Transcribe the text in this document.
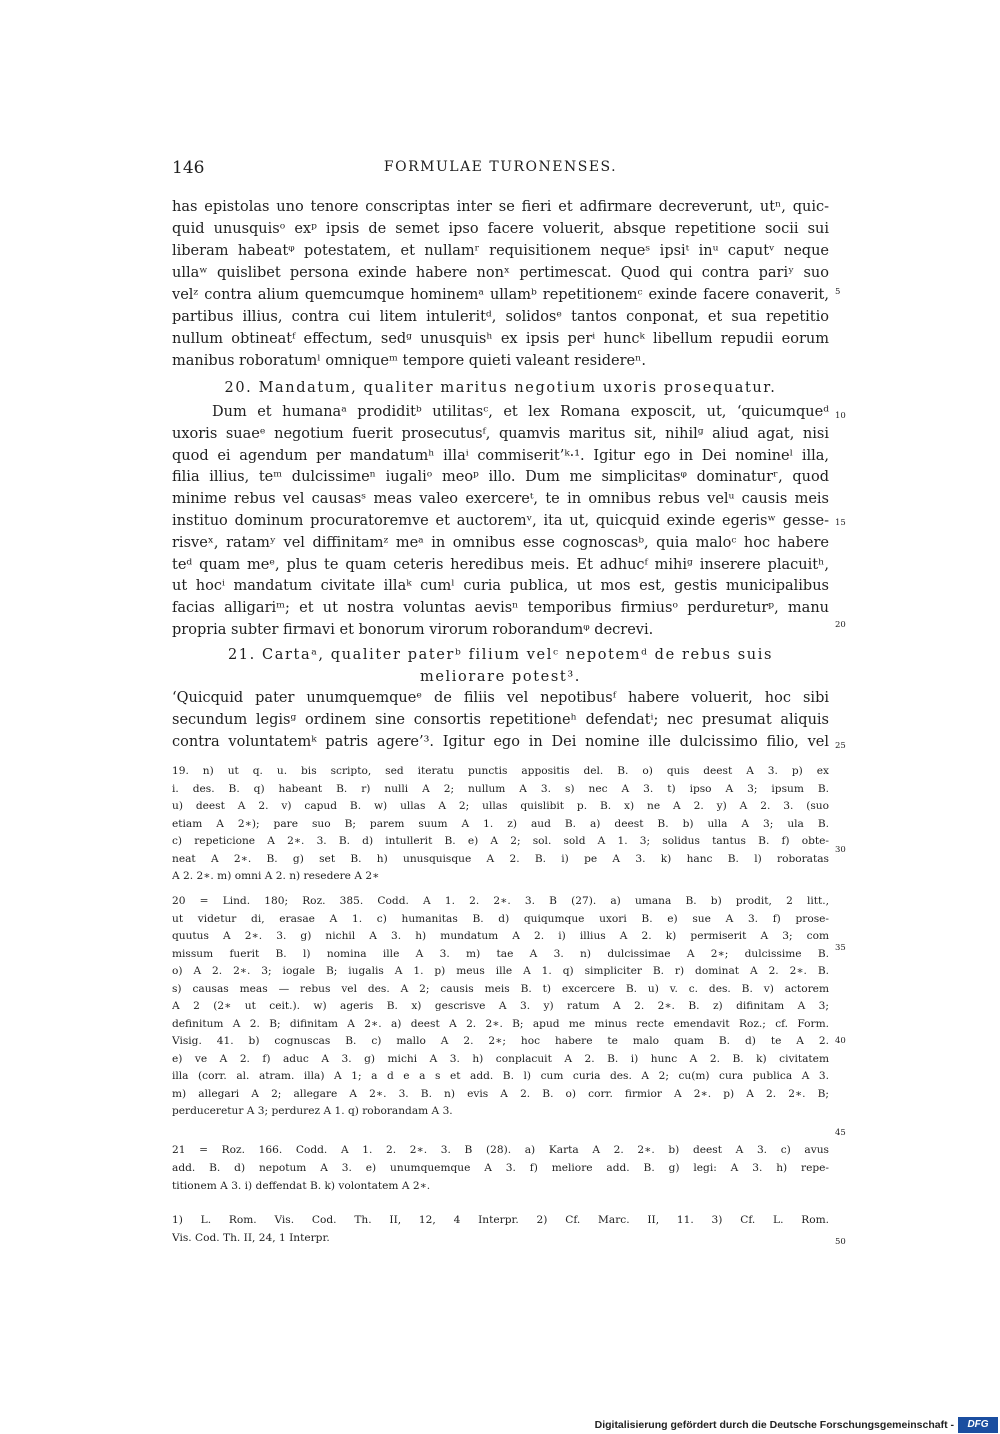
146	FORMULAE TURONENSES.
has epistolas uno tenore conscriptas inter se fieri et adfirmare decreverunt, utⁿ, quic-
quid unusquisᵒ exᵖ ipsis de semet ipso facere voluerit, absque repetitione socii sui
liberam habeatᵠ potestatem, et nullamʳ requisitionem nequeˢ ipsiᵗ inᵘ caputᵛ neque
ullaʷ quislibet persona exinde habere nonˣ pertimescat. Quod qui contra pariʸ suo
velᶻ contra alium quemcumque hominemᵃ ullamᵇ repetitionemᶜ exinde facere conaverit,
partibus illius, contra cui litem intuleritᵈ, solidosᵉ tantos conponat, et sua repetitio
nullum obtineatᶠ effectum, sedᵍ unusquisʰ ex ipsis perⁱ huncᵏ libellum repudii eorum
manibus roboratumˡ omniqueᵐ tempore quieti valeant residereⁿ.
20. Mandatum, qualiter maritus negotium uxoris prosequatur.
Dum et humanaᵃ prodiditᵇ utilitasᶜ, et lex Romana exposcit, ut, ‘quicumqueᵈ
uxoris suaeᵉ negotium fuerit prosecutusᶠ, quamvis maritus sit, nihilᵍ aliud agat, nisi
quod ei agendum per mandatumʰ illaⁱ commiserit’ᵏ·¹. Igitur ego in Dei nomineˡ illa,
filia illius, teᵐ dulcissimeⁿ iugaliᵒ meoᵖ illo. Dum me simplicitasᵠ dominaturʳ, quod
minime rebus vel causasˢ meas valeo exercereᵗ, te in omnibus rebus velᵘ causis meis
instituo dominum procuratoremve et auctoremᵛ, ita ut, quicquid exinde egerisʷ gesse-
risveˣ, ratamʸ vel diffinitamᶻ meᵃ in omnibus esse cognoscasᵇ, quia maloᶜ hoc habere
teᵈ quam meᵉ, plus te quam ceteris heredibus meis. Et adhucᶠ mihiᵍ inserere placuitʰ,
ut hocⁱ mandatum civitate illaᵏ cumˡ curia publica, ut mos est, gestis municipalibus
facias alligariᵐ; et ut nostra voluntas aevisⁿ temporibus firmiusᵒ perdureturᵖ, manu
propria subter firmavi et bonorum virorum roborandumᵠ decrevi.
21. Cartaᵃ, qualiter paterᵇ filium velᶜ nepotemᵈ de rebus suis
meliorare potest³.
‘Quicquid pater unumquemqueᵉ de filiis vel nepotibusᶠ habere voluerit, hoc sibi
secundum legisᵍ ordinem sine consortis repetitioneʰ defendatⁱ; nec presumat aliquis
contra voluntatemᵏ patris agere’³. Igitur ego in Dei nomine ille dulcissimo filio, vel
19. n) ut q. u. bis scripto, sed iteratu punctis appositis del. B. o) quis deest A 3. p) ex
i. des. B. q) habeant B. r) nulli A 2; nullum A 3. s) nec A 3. t) ipso A 3; ipsum B.
u) deest A 2. v) capud B. w) ullas A 2; ullas quislibit p. B. x) ne A 2. y) A 2. 3. (suo
etiam A 2∗); pare suo B; parem suum A 1. z) aud B. a) deest B. b) ulla A 3; ula B.
c) repeticione A 2∗. 3. B. d) intullerit B. e) A 2; sol. sold A 1. 3; solidus tantus B. f) obte-
neat A 2∗. B. g) set B. h) unusquisque A 2. B. i) pe A 3. k) hanc B. l) roboratas
A 2. 2∗. m) omni A 2. n) resedere A 2∗
20 = Lind. 180; Roz. 385. Codd. A 1. 2. 2∗. 3. B (27). a) umana B. b) prodit, 2 litt.,
ut videtur di, erasae A 1. c) humanitas B. d) quiqumque uxori B. e) sue A 3. f) prose-
quutus A 2∗. 3. g) nichil A 3. h) mundatum A 2. i) illius A 2. k) permiserit A 3; com
missum fuerit B. l) nomina ille A 3. m) tae A 3. n) dulcissimae A 2∗; dulcissime B.
o) A 2. 2∗. 3; iogale B; iugalis A 1. p) meus ille A 1. q) simpliciter B. r) dominat A 2. 2∗. B.
s) causas meas — rebus vel des. A 2; causis meis B. t) excercere B. u) v. c. des. B. v) actorem
A 2 (2∗ ut ceit.). w) ageris B. x) gescrisve A 3. y) ratum A 2. 2∗. B. z) difinitam A 3;
definitum A 2. B; difinitam A 2∗. a) deest A 2. 2∗. B; apud me minus recte emendavit Roz.; cf. Form.
Visig. 41. b) cognuscas B. c) mallo A 2. 2∗; hoc habere te malo quam B. d) te A 2.
e) ve A 2. f) aduc A 3. g) michi A 3. h) conplacuit A 2. B. i) hunc A 2. B. k) civitatem
illa (corr. al. atram. illa) A 1; a d e a s et add. B. l) cum curia des. A 2; cu(m) cura publica A 3.
m) allegari A 2; allegare A 2∗. 3. B. n) evis A 2. B. o) corr. firmior A 2∗. p) A 2. 2∗. B;
perduceretur A 3; perdurez A 1. q) roborandam A 3.
21 = Roz. 166. Codd. A 1. 2. 2∗. 3. B (28). a) Karta A 2. 2∗. b) deest A 3. c) avus
add. B. d) nepotum A 3. e) unumquemque A 3. f) meliore add. B. g) legi: A 3. h) repe-
titionem A 3. i) deffendat B. k) volontatem A 2∗.
1) L. Rom. Vis. Cod. Th. II, 12, 4 Interpr. 2) Cf. Marc. II, 11. 3) Cf. L. Rom.
Vis. Cod. Th. II, 24, 1 Interpr.
5
10
15
20
25
30
35
40
45
50
Digitalisierung gefördert durch die Deutsche Forschungsgemeinschaft -	DFG
